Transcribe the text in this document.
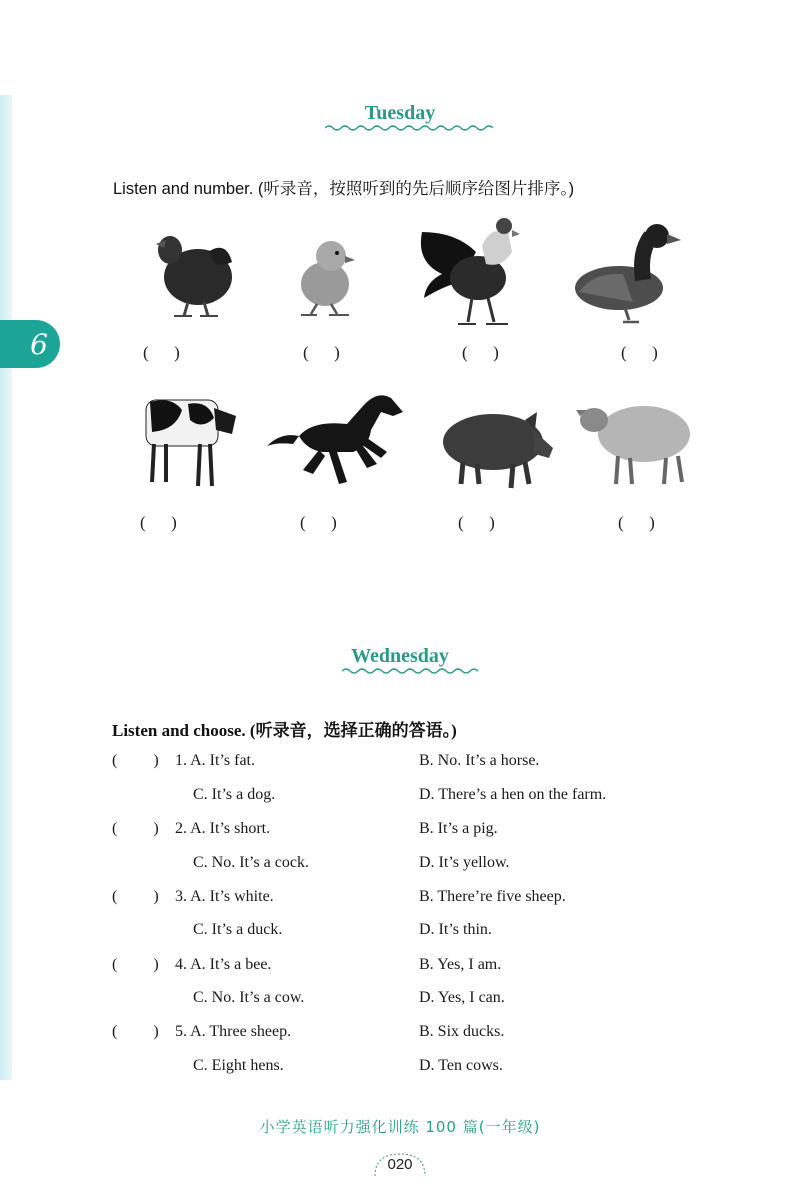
6
Tuesday
Listen and number. (听录音，按照听到的先后顺序给图片排序。)
(      )	(      )	(      )	(      )
(      )	(      )	(      )	(      )
Wednesday
Listen and choose. (听录音，选择正确的答语。)
(         ) 1. A. It’s fat.	B. No. It’s a horse.
C. It’s a dog.	D. There’s a hen on the farm.
(         ) 2. A. It’s short.	B. It’s a pig.
C. No. It’s a cock.	D. It’s yellow.
(         ) 3. A. It’s white.	B. There’re five sheep.
C. It’s a duck.	D. It’s thin.
(         ) 4. A. It’s a bee.	B. Yes, I am.
C. No. It’s a cow.	D. Yes, I can.
(         ) 5. A. Three sheep.	B. Six ducks.
C. Eight hens.	D. Ten cows.
小学英语听力强化训练 100 篇(一年级)
020
